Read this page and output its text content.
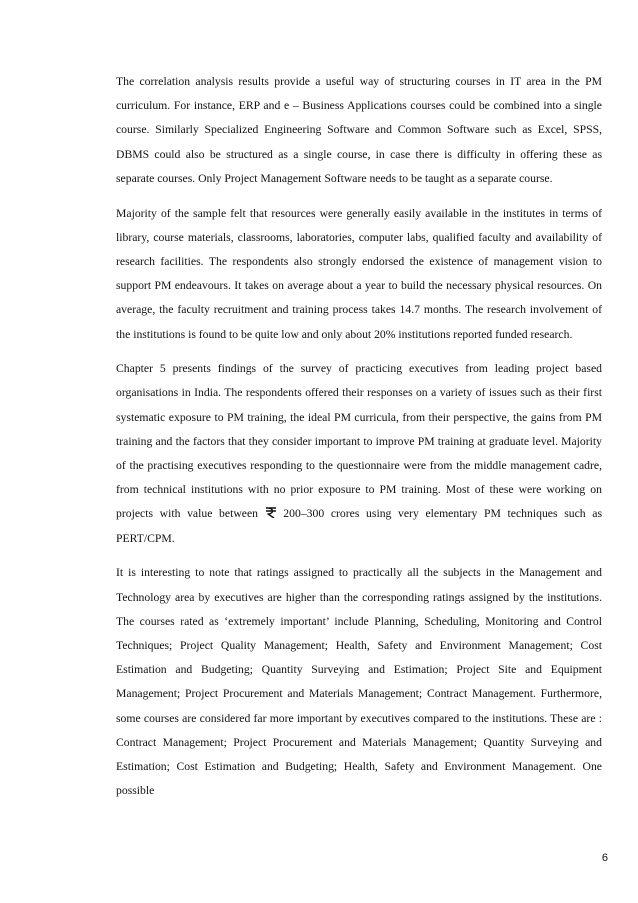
The correlation analysis results provide a useful way of structuring courses in IT area in the PM curriculum. For instance, ERP and e – Business Applications courses could be combined into a single course. Similarly Specialized Engineering Software and Common Software such as Excel, SPSS, DBMS could also be structured as a single course, in case there is difficulty in offering these as separate courses. Only Project Management Software needs to be taught as a separate course.

Majority of the sample felt that resources were generally easily available in the institutes in terms of library, course materials, classrooms, laboratories, computer labs, qualified faculty and availability of research facilities. The respondents also strongly endorsed the existence of management vision to support PM endeavours. It takes on average about a year to build the necessary physical resources. On average, the faculty recruitment and training process takes 14.7 months. The research involvement of the institutions is found to be quite low and only about 20% institutions reported funded research.

Chapter 5 presents findings of the survey of practicing executives from leading project based organisations in India. The respondents offered their responses on a variety of issues such as their first systematic exposure to PM training, the ideal PM curricula, from their perspective, the gains from PM training and the factors that they consider important to improve PM training at graduate level. Majority of the practising executives responding to the questionnaire were from the middle management cadre, from technical institutions with no prior exposure to PM training. Most of these were working on projects with value between  200–300 crores using very elementary PM techniques such as PERT/CPM.

It is interesting to note that ratings assigned to practically all the subjects in the Management and Technology area by executives are higher than the corresponding ratings assigned by the institutions. The courses rated as ‘extremely important’ include Planning, Scheduling, Monitoring and Control Techniques; Project Quality Management; Health, Safety and Environment Management; Cost Estimation and Budgeting; Quantity Surveying and Estimation; Project Site and Equipment Management; Project Procurement and Materials Management; Contract Management. Furthermore, some courses are considered far more important by executives compared to the institutions. These are : Contract Management; Project Procurement and Materials Management; Quantity Surveying and Estimation; Cost Estimation and Budgeting; Health, Safety and Environment Management. One possible

6
